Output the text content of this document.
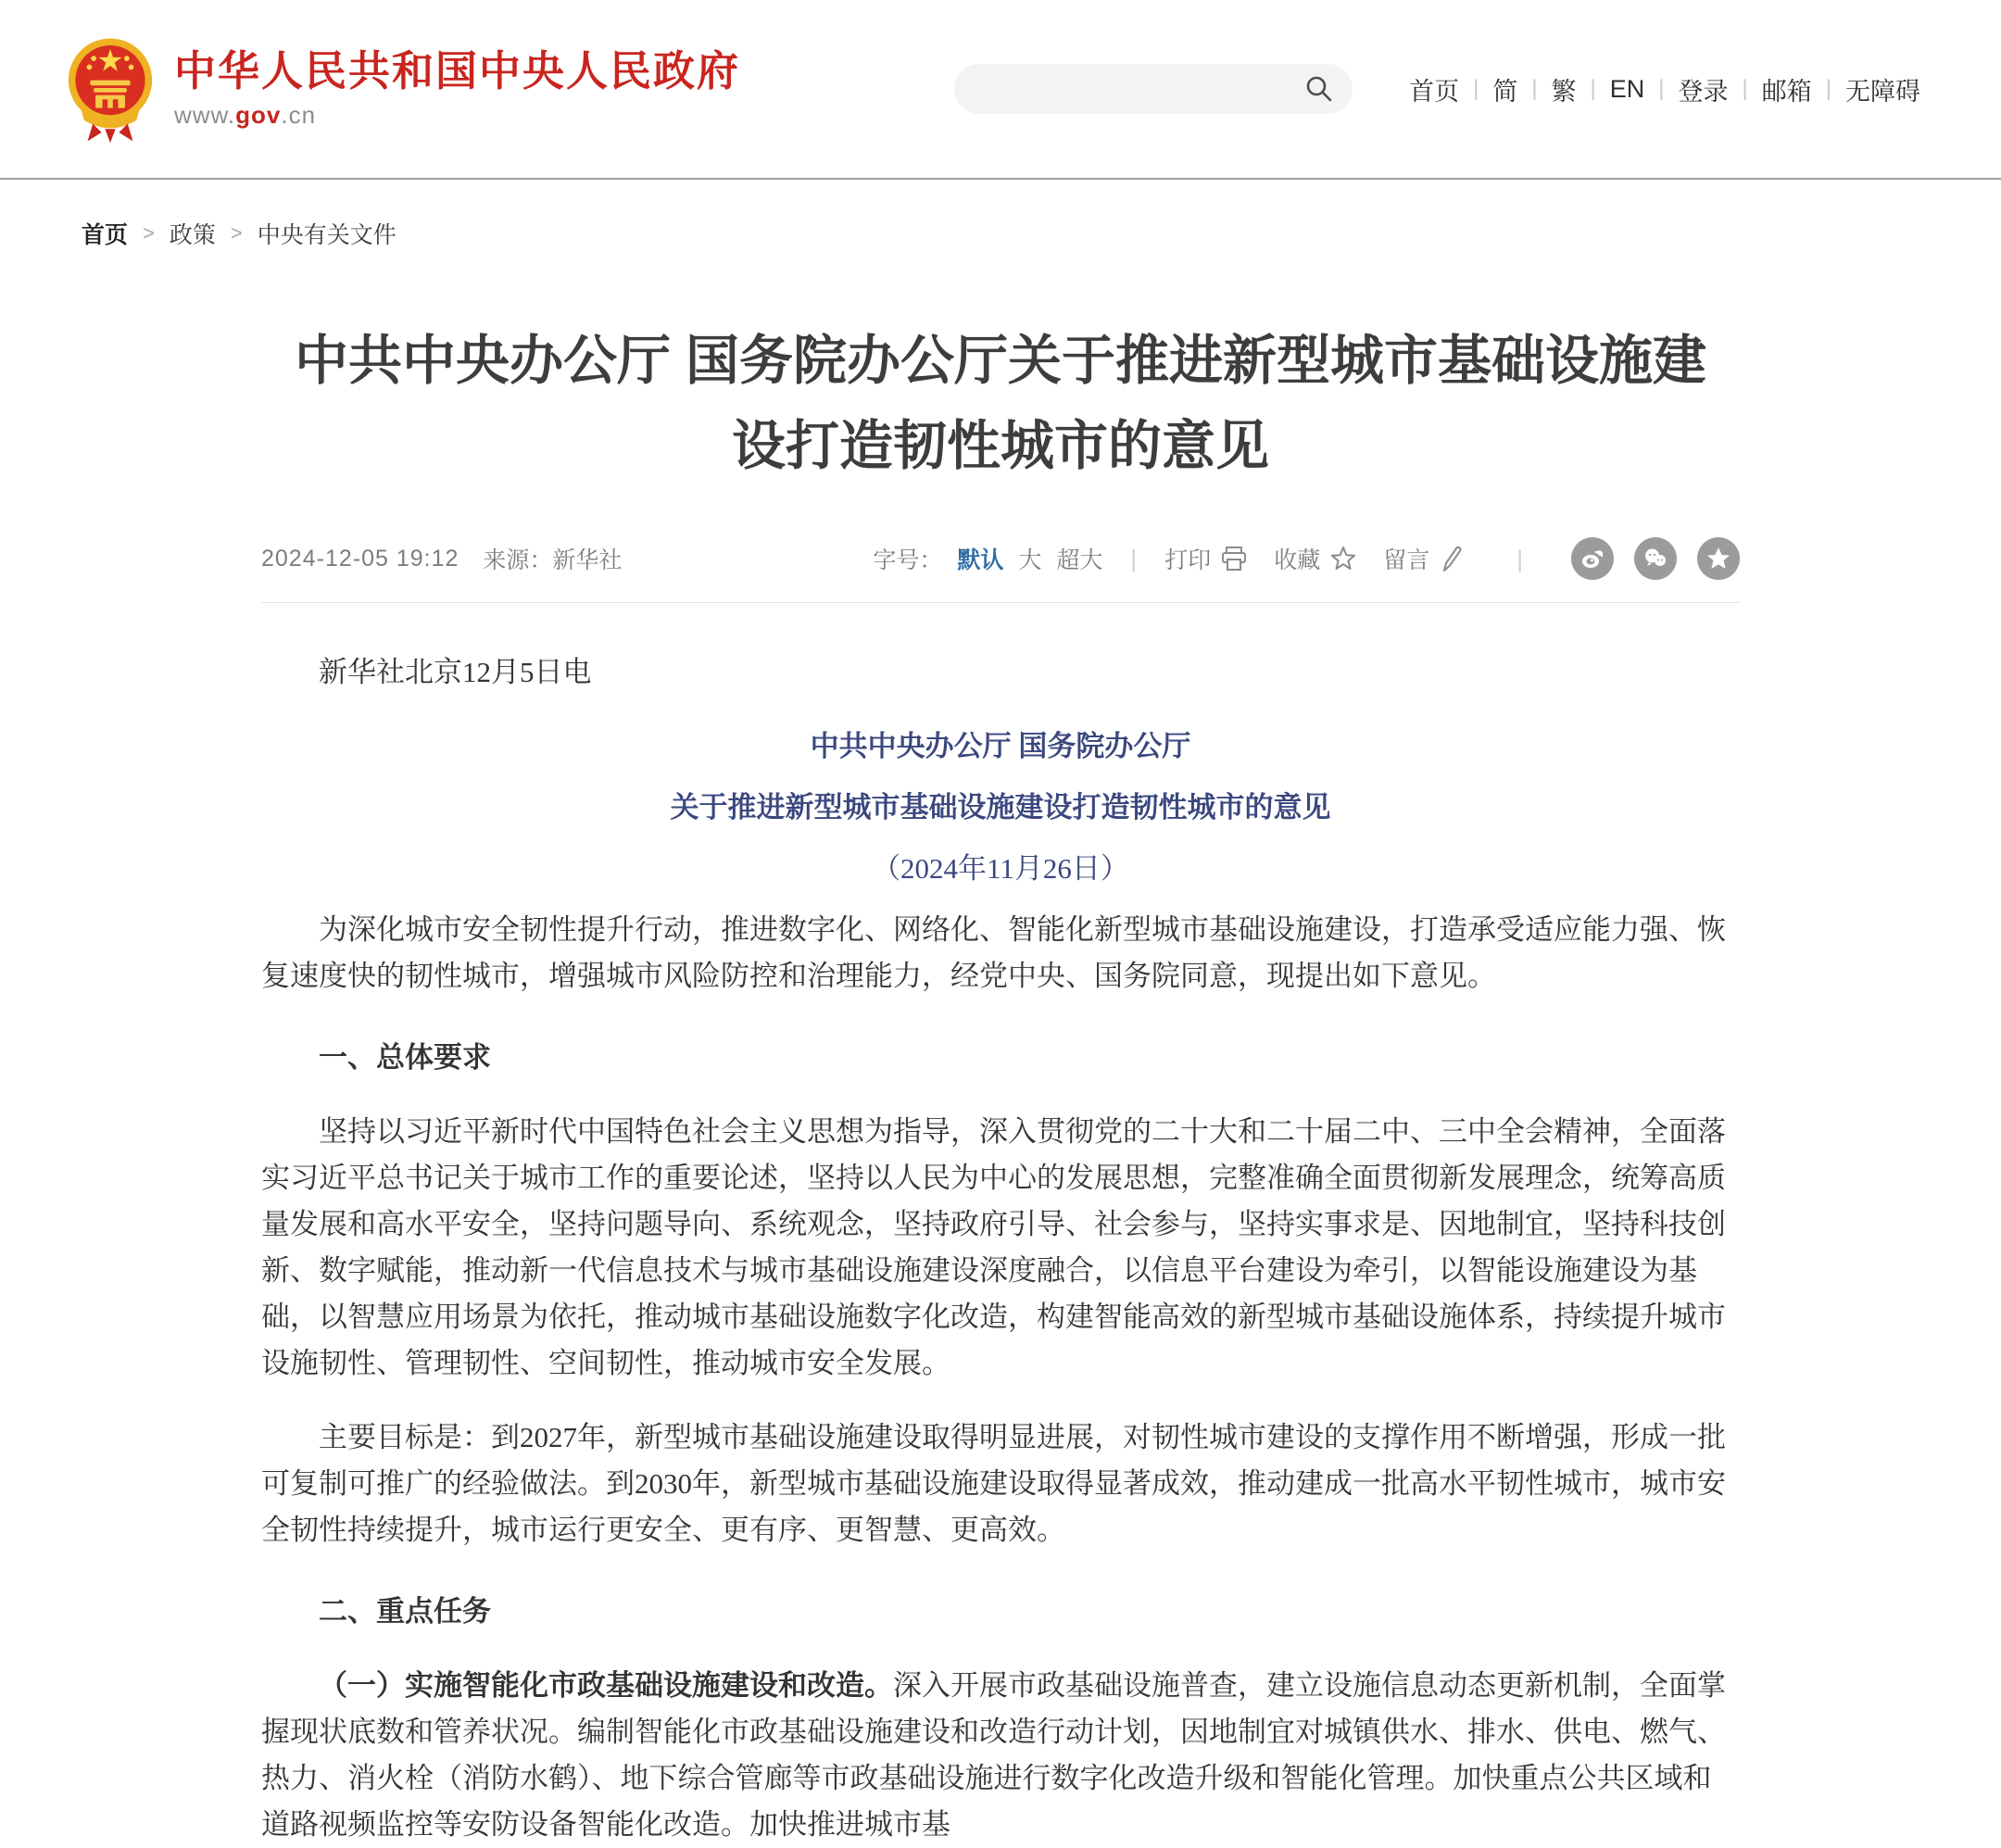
中华人民共和国中央人民政府
www.gov.cn
首页 | 简 | 繁 | EN | 登录 | 邮箱 | 无障碍
首页 > 政策 > 中央有关文件
中共中央办公厅 国务院办公厅关于推进新型城市基础设施建设打造韧性城市的意见
2024-12-05 19:12 来源： 新华社	字号： 默认 大 超大 | 打印	收藏	留言	|

新华社北京12月5日电

中共中央办公厅 国务院办公厅

关于推进新型城市基础设施建设打造韧性城市的意见

（2024年11月26日）

为深化城市安全韧性提升行动，推进数字化、网络化、智能化新型城市基础设施建设，打造承受适应能力强、恢复速度快的韧性城市，增强城市风险防控和治理能力，经党中央、国务院同意，现提出如下意见。

一、总体要求

坚持以习近平新时代中国特色社会主义思想为指导，深入贯彻党的二十大和二十届二中、三中全会精神，全面落实习近平总书记关于城市工作的重要论述，坚持以人民为中心的发展思想，完整准确全面贯彻新发展理念，统筹高质量发展和高水平安全，坚持问题导向、系统观念，坚持政府引导、社会参与，坚持实事求是、因地制宜，坚持科技创新、数字赋能，推动新一代信息技术与城市基础设施建设深度融合，以信息平台建设为牵引，以智能设施建设为基础，以智慧应用场景为依托，推动城市基础设施数字化改造，构建智能高效的新型城市基础设施体系，持续提升城市设施韧性、管理韧性、空间韧性，推动城市安全发展。

主要目标是：到2027年，新型城市基础设施建设取得明显进展，对韧性城市建设的支撑作用不断增强，形成一批可复制可推广的经验做法。到2030年，新型城市基础设施建设取得显著成效，推动建成一批高水平韧性城市，城市安全韧性持续提升，城市运行更安全、更有序、更智慧、更高效。

二、重点任务

（一）实施智能化市政基础设施建设和改造。深入开展市政基础设施普查，建立设施信息动态更新机制，全面掌握现状底数和管养状况。编制智能化市政基础设施建设和改造行动计划，因地制宜对城镇供水、排水、供电、燃气、热力、消火栓（消防水鹤）、地下综合管廊等市政基础设施进行数字化改造升级和智能化管理。加快重点公共区域和道路视频监控等安防设备智能化改造。加快推进城市基
